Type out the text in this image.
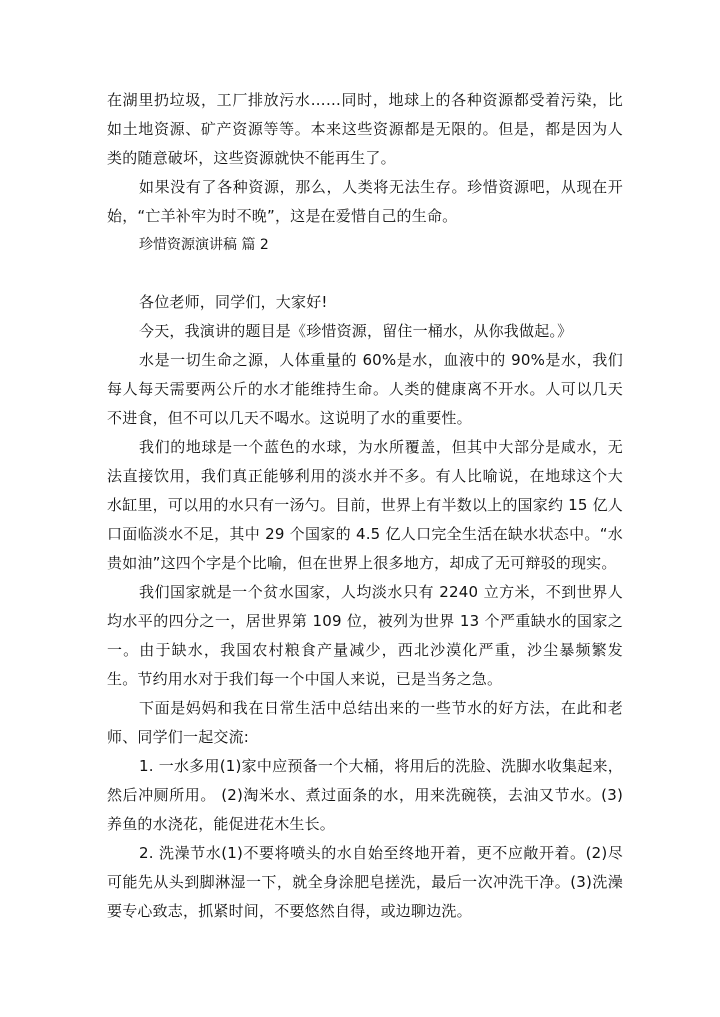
在湖里扔垃圾，工厂排放污水……同时，地球上的各种资源都受着污染，比如土地资源、矿产资源等等。本来这些资源都是无限的。但是，都是因为人类的随意破坏，这些资源就快不能再生了。

如果没有了各种资源，那么，人类将无法生存。珍惜资源吧，从现在开始，“亡羊补牢为时不晚”，这是在爱惜自己的生命。

珍惜资源演讲稿 篇 2

各位老师，同学们，大家好!

今天，我演讲的题目是《珍惜资源，留住一桶水，从你我做起。》

水是一切生命之源，人体重量的 60%是水，血液中的 90%是水，我们每人每天需要两公斤的水才能维持生命。人类的健康离不开水。人可以几天不进食，但不可以几天不喝水。这说明了水的重要性。

我们的地球是一个蓝色的水球，为水所覆盖，但其中大部分是咸水，无法直接饮用，我们真正能够利用的淡水并不多。有人比喻说，在地球这个大水缸里，可以用的水只有一汤勺。目前，世界上有半数以上的国家约 15 亿人口面临淡水不足，其中 29 个国家的 4.5 亿人口完全生活在缺水状态中。“水贵如油”这四个字是个比喻，但在世界上很多地方，却成了无可辩驳的现实。

我们国家就是一个贫水国家，人均淡水只有 2240 立方米，不到世界人均水平的四分之一，居世界第 109 位，被列为世界 13 个严重缺水的国家之一。由于缺水，我国农村粮食产量减少，西北沙漠化严重，沙尘暴频繁发生。节约用水对于我们每一个中国人来说，已是当务之急。

下面是妈妈和我在日常生活中总结出来的一些节水的好方法，在此和老师、同学们一起交流:

1. 一水多用(1)家中应预备一个大桶，将用后的洗脸、洗脚水收集起来，然后冲厕所用。 (2)淘米水、煮过面条的水，用来洗碗筷，去油又节水。(3)养鱼的水浇花，能促进花木生长。

2. 洗澡节水(1)不要将喷头的水自始至终地开着，更不应敞开着。(2)尽可能先从头到脚淋湿一下，就全身涂肥皂搓洗，最后一次冲洗干净。(3)洗澡要专心致志，抓紧时间，不要悠然自得，或边聊边洗。
